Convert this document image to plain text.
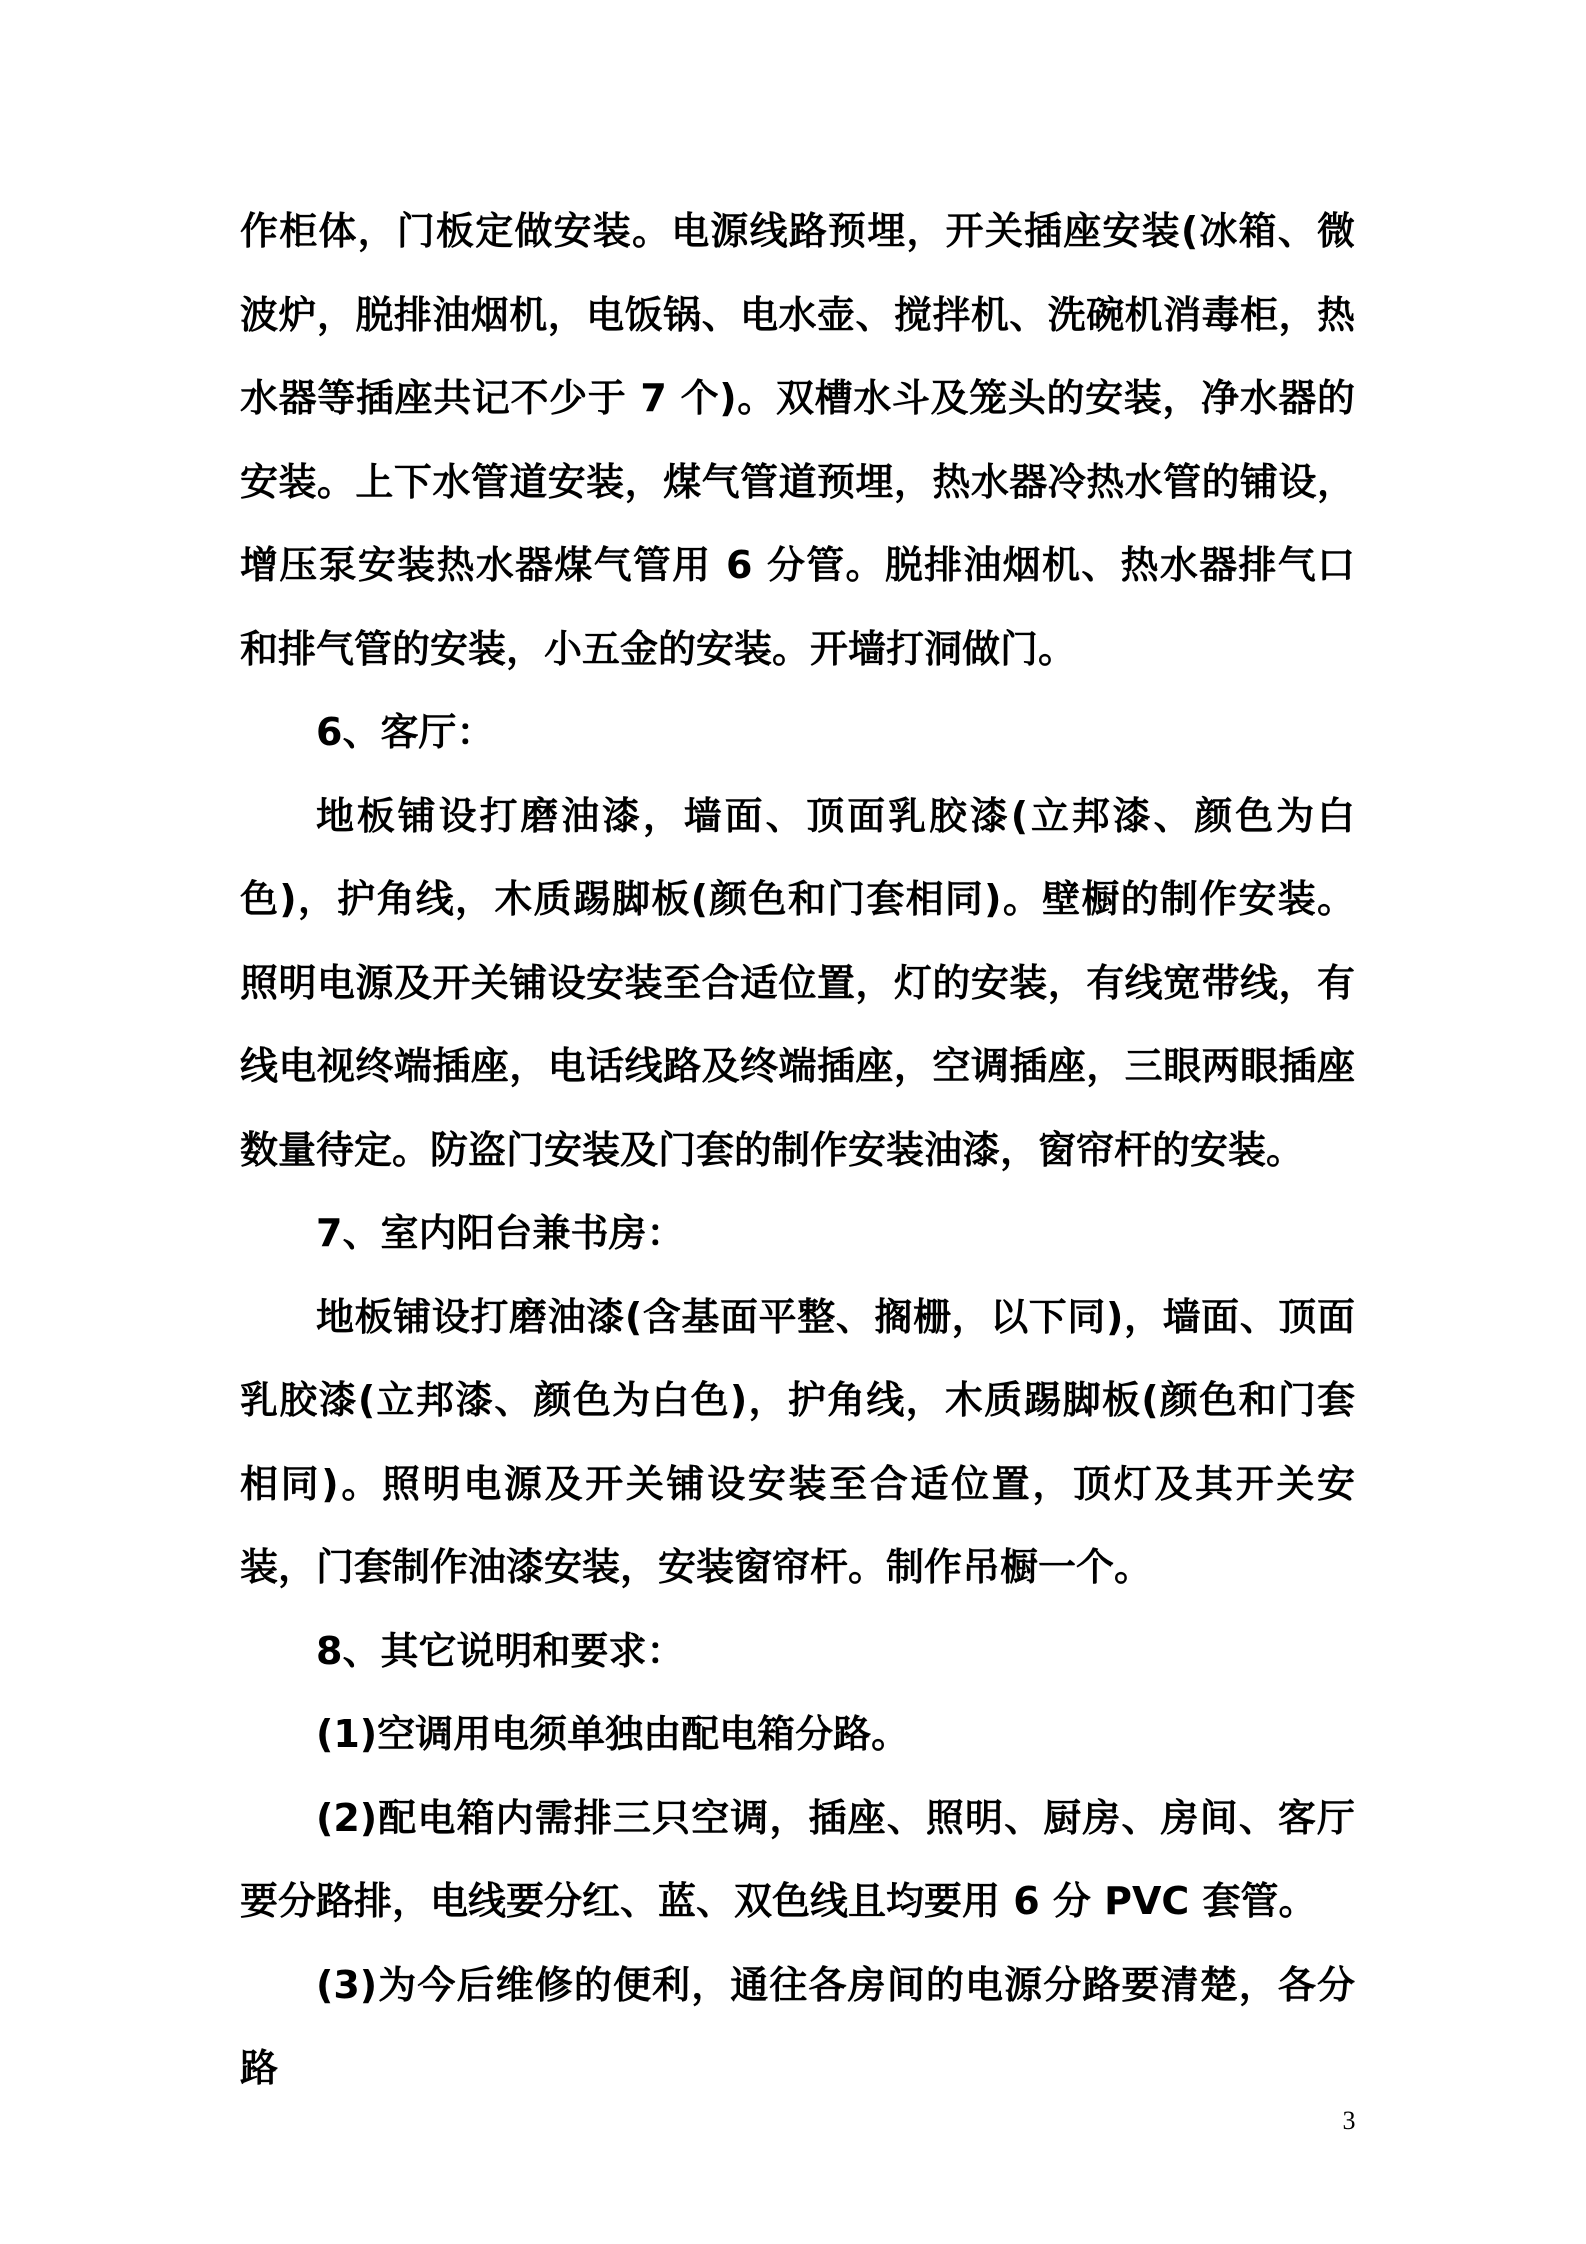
作柜体，门板定做安装。电源线路预埋，开关插座安装(冰箱、微波炉，脱排油烟机，电饭锅、电水壶、搅拌机、洗碗机消毒柜，热水器等插座共记不少于 7 个)。双槽水斗及笼头的安装，净水器的安装。上下水管道安装，煤气管道预埋，热水器冷热水管的铺设，增压泵安装热水器煤气管用 6 分管。脱排油烟机、热水器排气口和排气管的安装，小五金的安装。开墙打洞做门。

6、客厅：

地板铺设打磨油漆，墙面、顶面乳胶漆(立邦漆、颜色为白色)，护角线，木质踢脚板(颜色和门套相同)。壁橱的制作安装。照明电源及开关铺设安装至合适位置，灯的安装，有线宽带线，有线电视终端插座，电话线路及终端插座，空调插座，三眼两眼插座数量待定。防盗门安装及门套的制作安装油漆，窗帘杆的安装。

7、室内阳台兼书房：

地板铺设打磨油漆(含基面平整、搁栅，以下同)，墙面、顶面乳胶漆(立邦漆、颜色为白色)，护角线，木质踢脚板(颜色和门套相同)。照明电源及开关铺设安装至合适位置，顶灯及其开关安装，门套制作油漆安装，安装窗帘杆。制作吊橱一个。

8、其它说明和要求：

(1)空调用电须单独由配电箱分路。

(2)配电箱内需排三只空调，插座、照明、厨房、房间、客厅要分路排，电线要分红、蓝、双色线且均要用 6 分 PVC 套管。

(3)为今后维修的便利，通往各房间的电源分路要清楚，各分路

3
